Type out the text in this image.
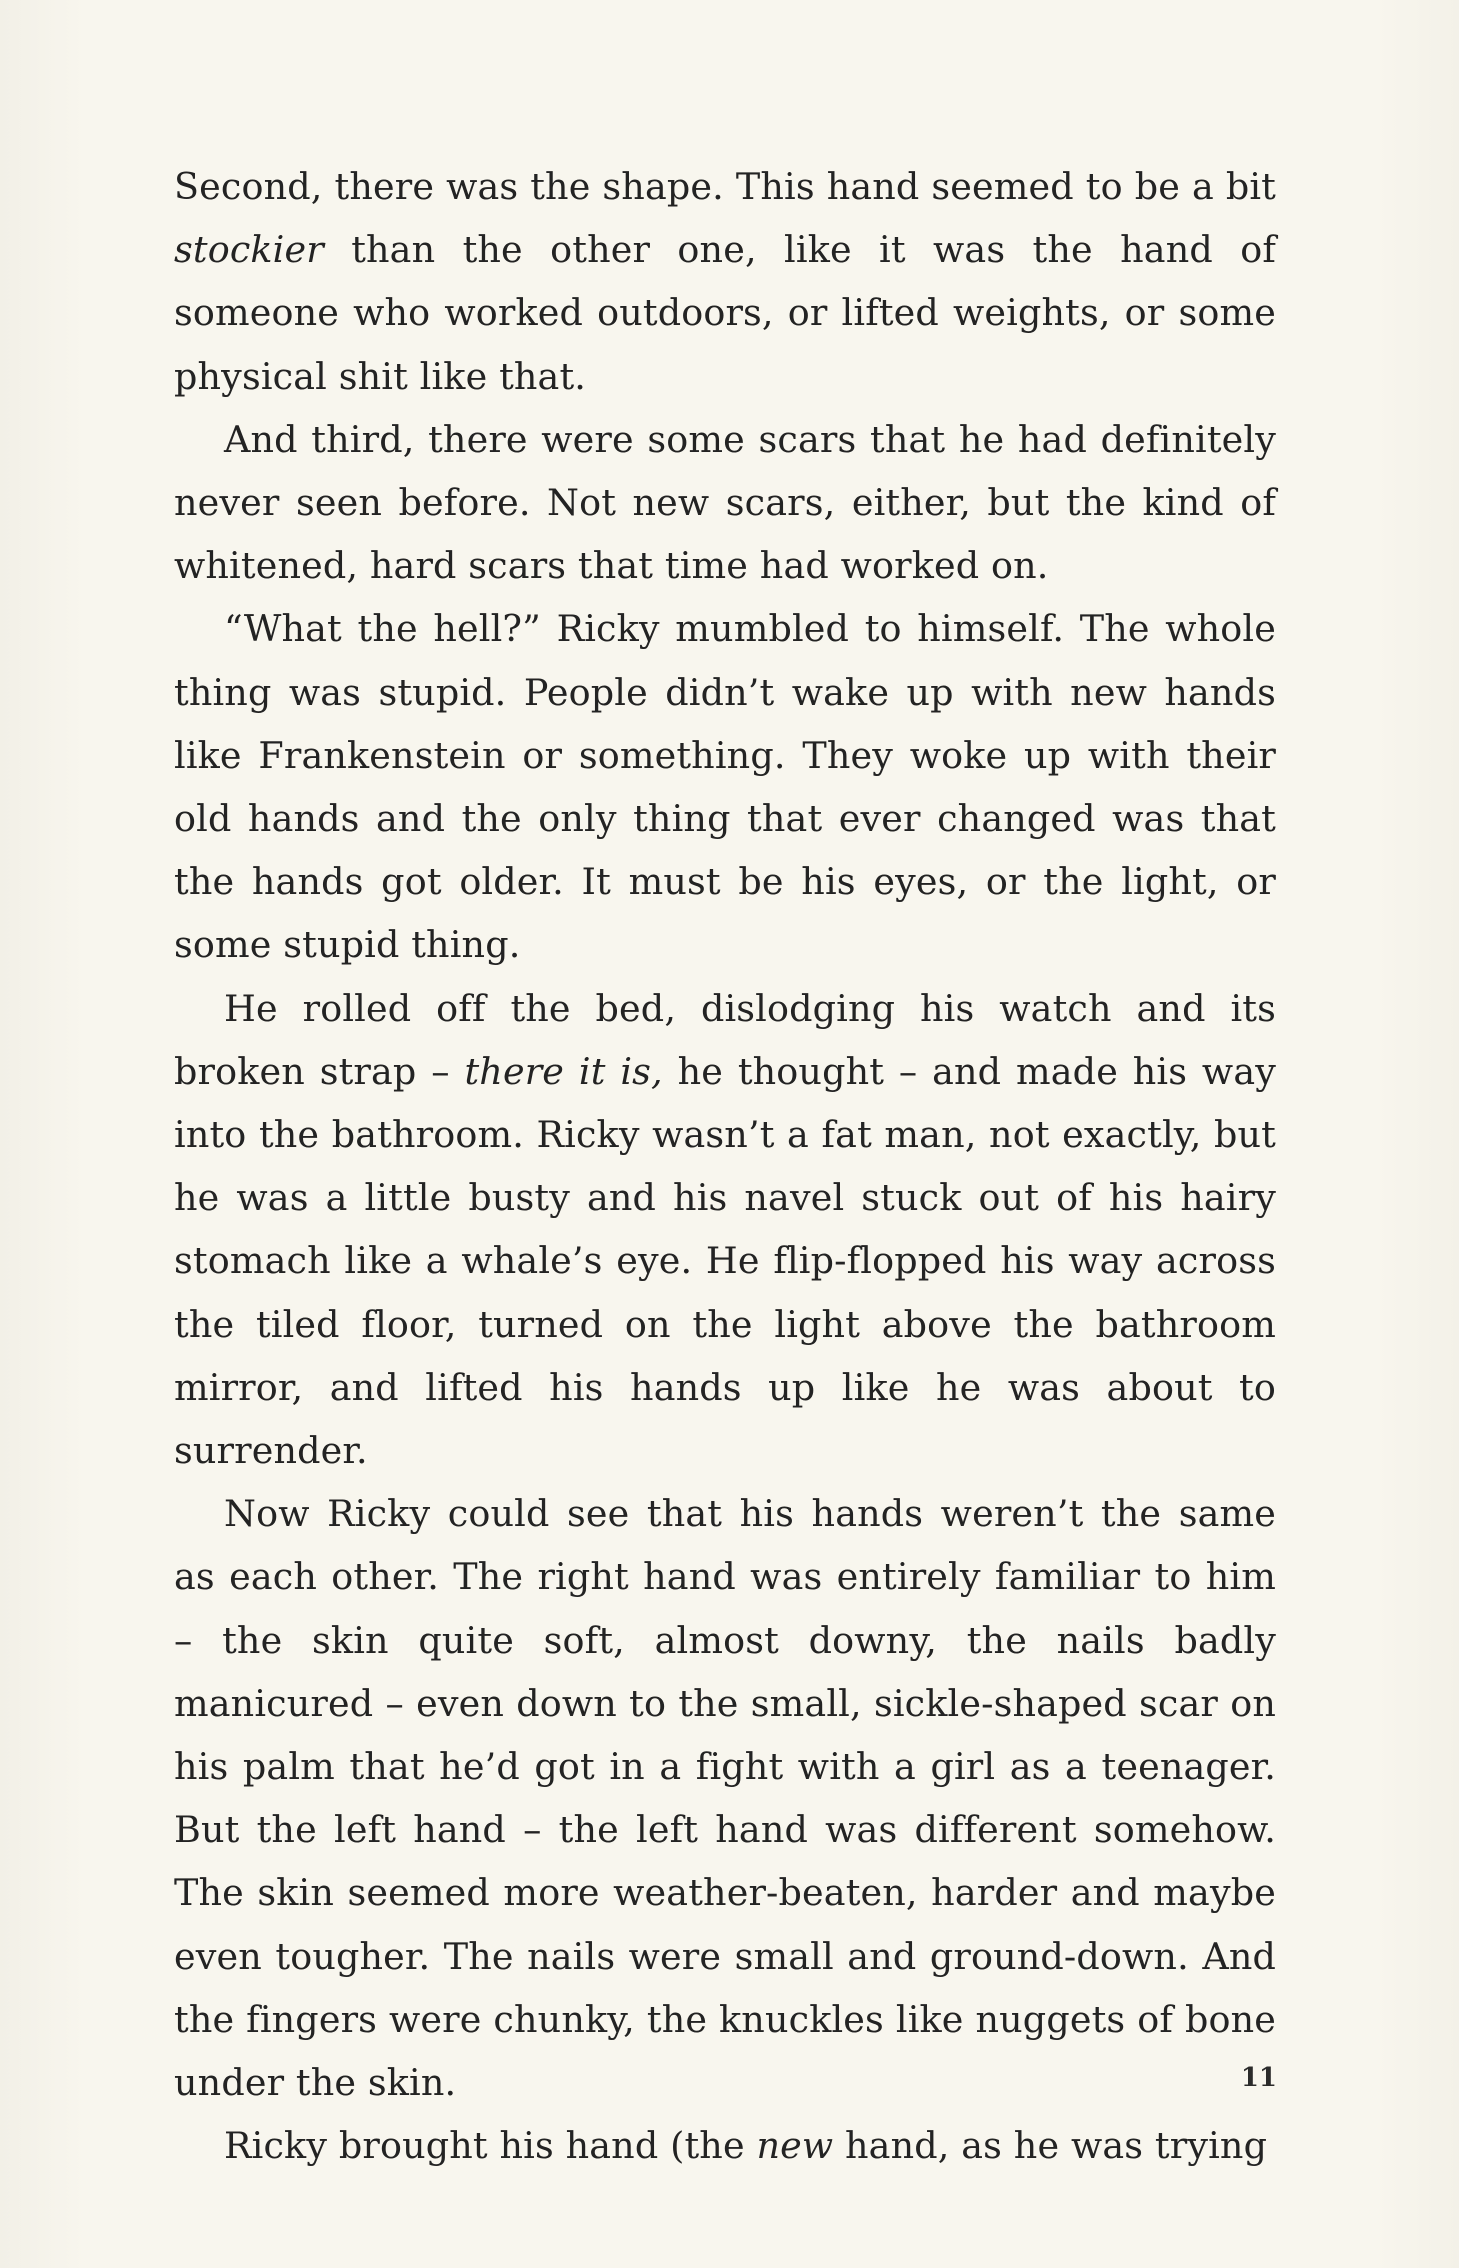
Second, there was the shape. This hand seemed to be a bit stockier than the other one, like it was the hand of someone who worked outdoors, or lifted weights, or some physical shit like that.

And third, there were some scars that he had definitely never seen before. Not new scars, either, but the kind of whitened, hard scars that time had worked on.

“What the hell?” Ricky mumbled to himself. The whole thing was stupid. People didn’t wake up with new hands like Frankenstein or something. They woke up with their old hands and the only thing that ever changed was that the hands got older. It must be his eyes, or the light, or some stupid thing.

He rolled off the bed, dislodging his watch and its broken strap – there it is, he thought – and made his way into the bathroom. Ricky wasn’t a fat man, not exactly, but he was a little busty and his navel stuck out of his hairy stomach like a whale’s eye. He flip-flopped his way across the tiled floor, turned on the light above the bathroom mirror, and lifted his hands up like he was about to surrender.

Now Ricky could see that his hands weren’t the same as each other. The right hand was entirely familiar to him – the skin quite soft, almost downy, the nails badly manicured – even down to the small, sickle-shaped scar on his palm that he’d got in a fight with a girl as a teenager. But the left hand – the left hand was different somehow. The skin seemed more weather-beaten, harder and maybe even tougher. The nails were small and ground-down. And the fingers were chunky, the knuckles like nuggets of bone under the skin.

Ricky brought his hand (the new hand, as he was trying

11
